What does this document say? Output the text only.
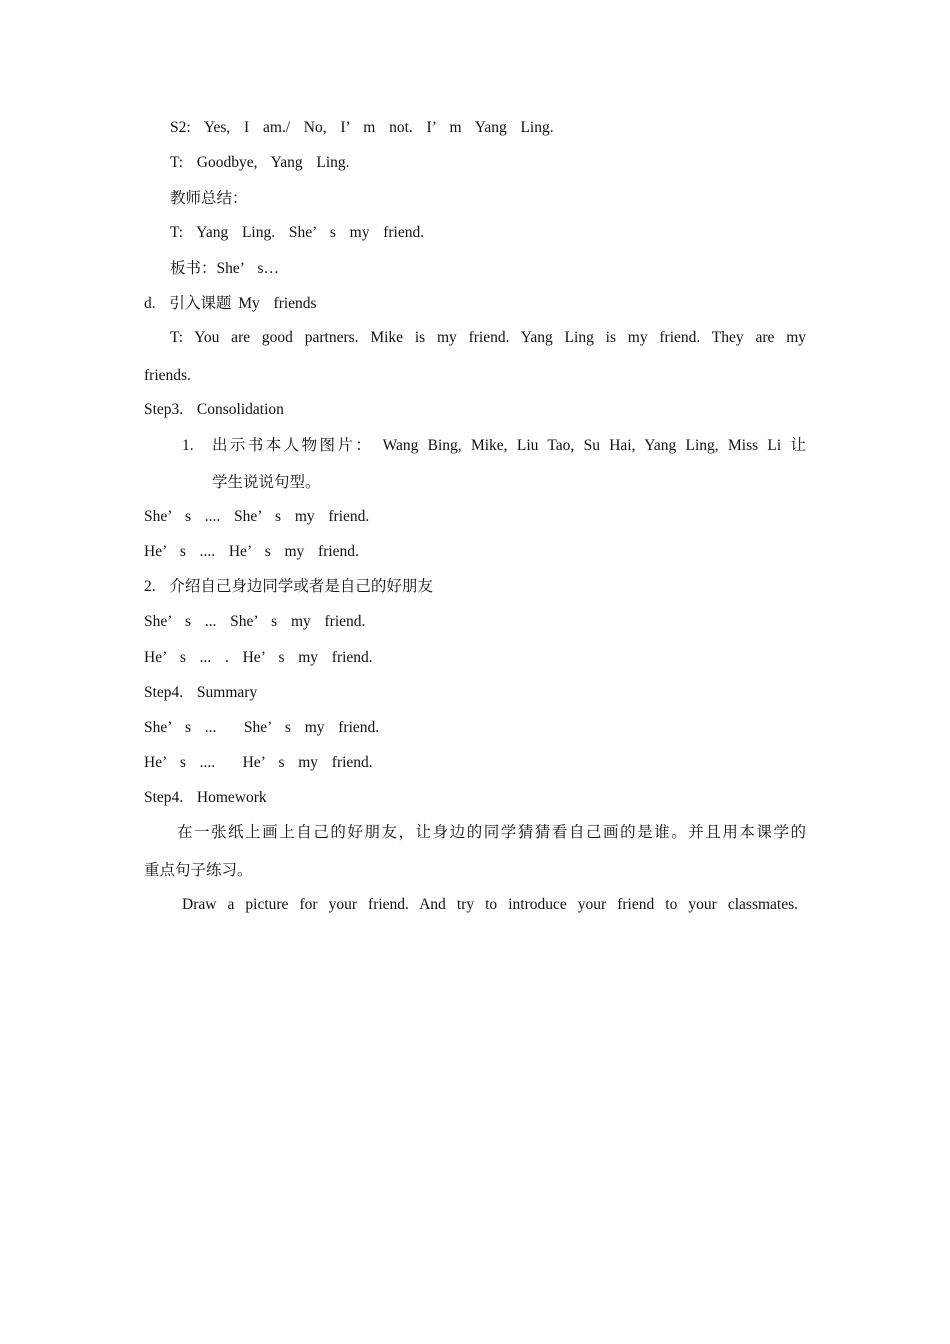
S2:  Yes,  I  am./  No,  I’  m  not.  I’  m  Yang  Ling.
T:  Goodbye,  Yang  Ling.
教师总结：
T:  Yang  Ling.  She’  s  my  friend.
板书：She’  s…
d.  引入课题 My  friends
T: You are good partners. Mike is my friend. Yang Ling is my friend. They are my
friends.
Step3.  Consolidation
1. 出示书本人物图片： Wang Bing, Mike, Liu Tao, Su Hai, Yang Ling, Miss Li 让
学生说说句型。
She’  s  ....  She’  s  my  friend.
He’  s  ....  He’  s  my  friend.
2.  介绍自己身边同学或者是自己的好朋友
She’  s  ...  She’  s  my  friend.
He’  s  ...  .  He’  s  my  friend.
Step4.  Summary
She’  s  ...    She’  s  my  friend.
He’  s  ....    He’  s  my  friend.
Step4.  Homework
在一张纸上画上自己的好朋友，让身边的同学猜猜看自己画的是谁。并且用本课学的
重点句子练习。
Draw a picture for your friend. And try to introduce your friend to your classmates.
